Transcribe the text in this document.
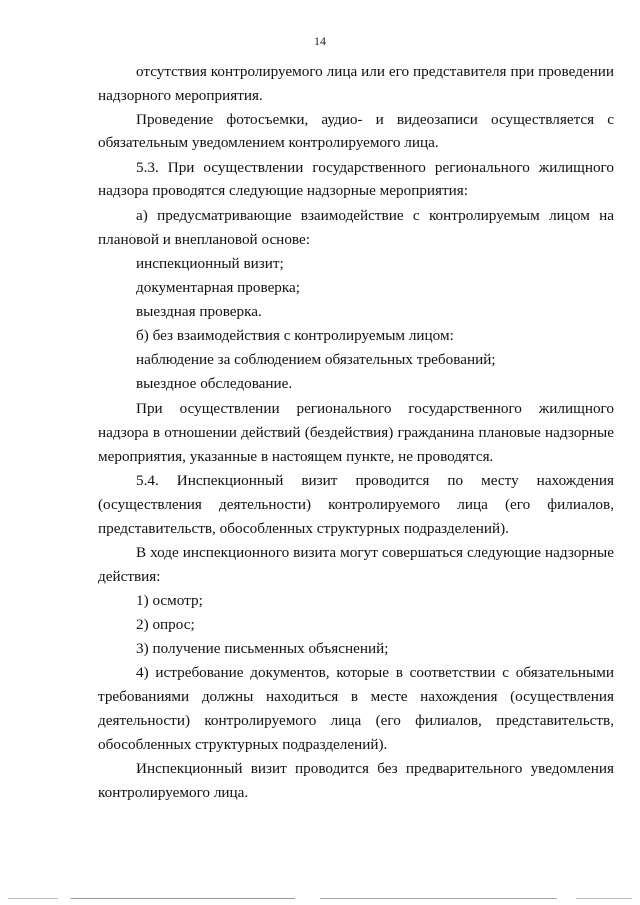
14
отсутствия контролируемого лица или его представителя при проведении
надзорного мероприятия.
Проведение фотосъемки, аудио- и видеозаписи осуществляется с
обязательным уведомлением контролируемого лица.
5.3. При осуществлении государственного регионального жилищного
надзора проводятся следующие надзорные мероприятия:
а) предусматривающие взаимодействие с контролируемым лицом на
плановой и внеплановой основе:
инспекционный визит;
документарная проверка;
выездная проверка.
б) без взаимодействия с контролируемым лицом:
наблюдение за соблюдением обязательных требований;
выездное обследование.
При осуществлении регионального государственного жилищного
надзора в отношении действий (бездействия) гражданина плановые надзорные
мероприятия, указанные в настоящем пункте, не проводятся.
5.4. Инспекционный визит проводится по месту нахождения
(осуществления деятельности) контролируемого лица (его филиалов,
представительств, обособленных структурных подразделений).
В ходе инспекционного визита могут совершаться следующие надзорные
действия:
1) осмотр;
2) опрос;
3) получение письменных объяснений;
4) истребование документов, которые в соответствии с обязательными
требованиями должны находиться в месте нахождения (осуществления
деятельности) контролируемого лица (его филиалов, представительств,
обособленных структурных подразделений).
Инспекционный визит проводится без предварительного уведомления
контролируемого лица.
